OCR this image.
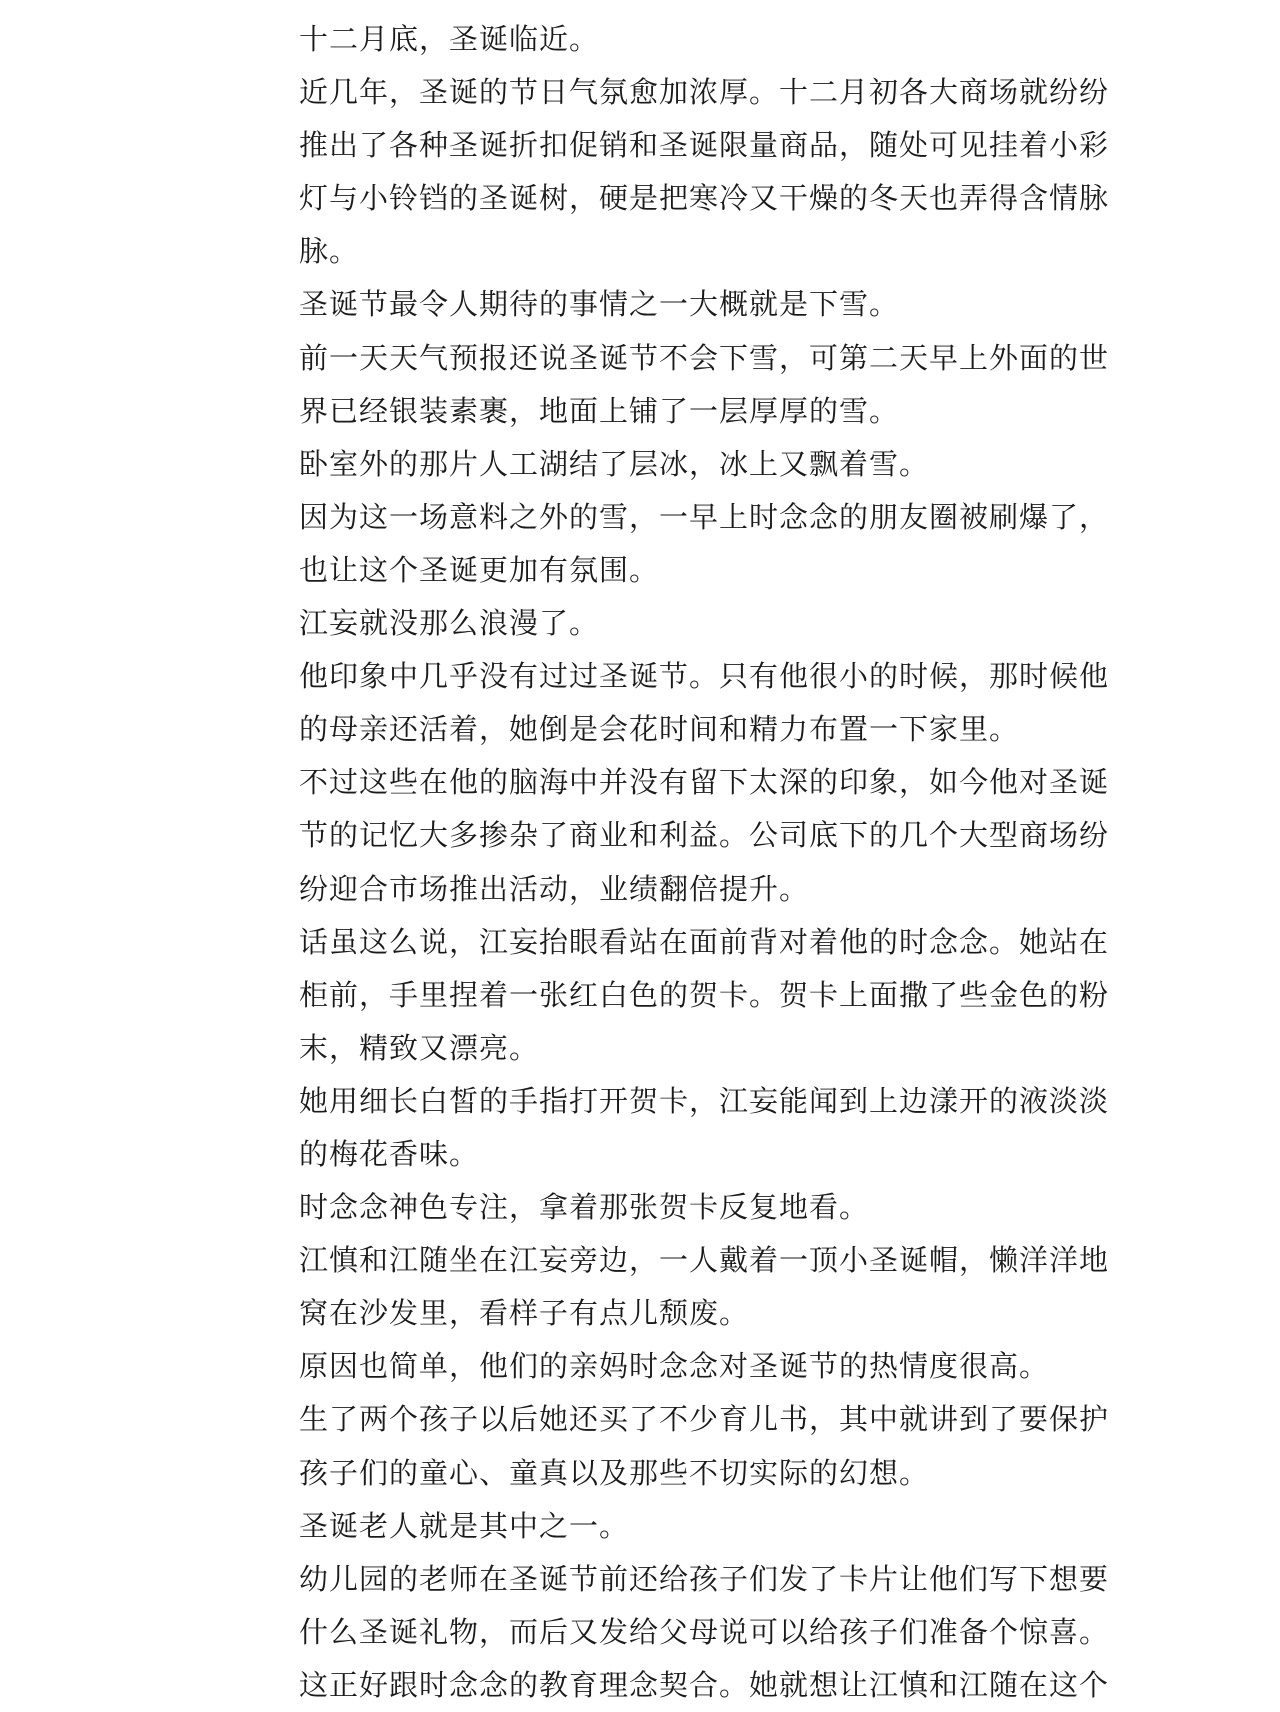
十二月底，圣诞临近。
近几年，圣诞的节日气氛愈加浓厚。十二月初各大商场就纷纷
推出了各种圣诞折扣促销和圣诞限量商品，随处可见挂着小彩
灯与小铃铛的圣诞树，硬是把寒冷又干燥的冬天也弄得含情脉
脉。
圣诞节最令人期待的事情之一大概就是下雪。
前一天天气预报还说圣诞节不会下雪，可第二天早上外面的世
界已经银装素裹，地面上铺了一层厚厚的雪。
卧室外的那片人工湖结了层冰，冰上又飘着雪。
因为这一场意料之外的雪，一早上时念念的朋友圈被刷爆了，
也让这个圣诞更加有氛围。
江妄就没那么浪漫了。
他印象中几乎没有过过圣诞节。只有他很小的时候，那时候他
的母亲还活着，她倒是会花时间和精力布置一下家里。
不过这些在他的脑海中并没有留下太深的印象，如今他对圣诞
节的记忆大多掺杂了商业和利益。公司底下的几个大型商场纷
纷迎合市场推出活动，业绩翻倍提升。
话虽这么说，江妄抬眼看站在面前背对着他的时念念。她站在
柜前，手里捏着一张红白色的贺卡。贺卡上面撒了些金色的粉
末，精致又漂亮。
她用细长白皙的手指打开贺卡，江妄能闻到上边漾开的液淡淡
的梅花香味。
时念念神色专注，拿着那张贺卡反复地看。
江慎和江随坐在江妄旁边，一人戴着一顶小圣诞帽，懒洋洋地
窝在沙发里，看样子有点儿颓废。
原因也简单，他们的亲妈时念念对圣诞节的热情度很高。
生了两个孩子以后她还买了不少育儿书，其中就讲到了要保护
孩子们的童心、童真以及那些不切实际的幻想。
圣诞老人就是其中之一。
幼儿园的老师在圣诞节前还给孩子们发了卡片让他们写下想要
什么圣诞礼物，而后又发给父母说可以给孩子们准备个惊喜。
这正好跟时念念的教育理念契合。她就想让江慎和江随在这个
